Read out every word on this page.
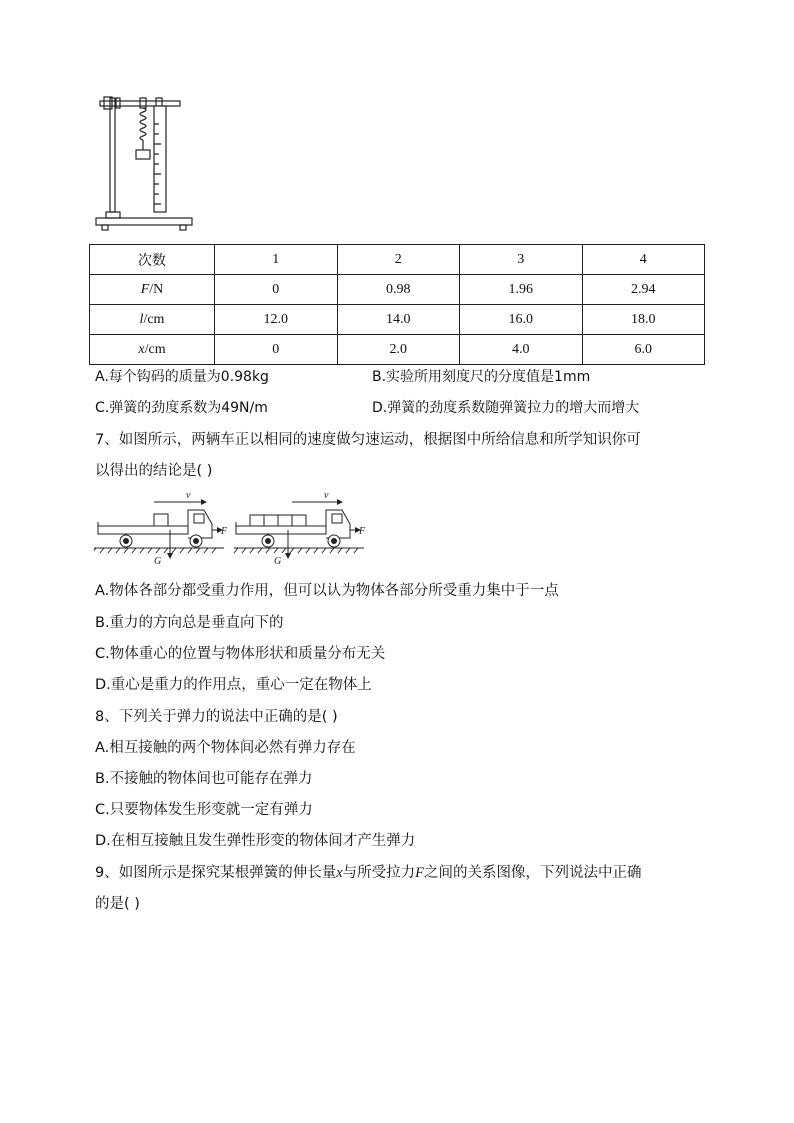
次数	1	2	3	4
F/N	0	0.98	1.96	2.94
l/cm	12.0	14.0	16.0	18.0
x/cm	0	2.0	4.0	6.0
A.每个钩码的质量为0.98kg	B.实验所用刻度尺的分度值是1mm
C.弹簧的劲度系数为49N/m	D.弹簧的劲度系数随弹簧拉力的增大而增大
7、如图所示，两辆车正以相同的速度做匀速运动，根据图中所给信息和所学知识你可
以得出的结论是( )
v	v
F	F
G	G
A.物体各部分都受重力作用，但可以认为物体各部分所受重力集中于一点
B.重力的方向总是垂直向下的
C.物体重心的位置与物体形状和质量分布无关
D.重心是重力的作用点，重心一定在物体上
8、下列关于弹力的说法中正确的是( )
A.相互接触的两个物体间必然有弹力存在
B.不接触的物体间也可能存在弹力
C.只要物体发生形变就一定有弹力
D.在相互接触且发生弹性形变的物体间才产生弹力
9、如图所示是探究某根弹簧的伸长量x与所受拉力F之间的关系图像，下列说法中正确
的是( )
